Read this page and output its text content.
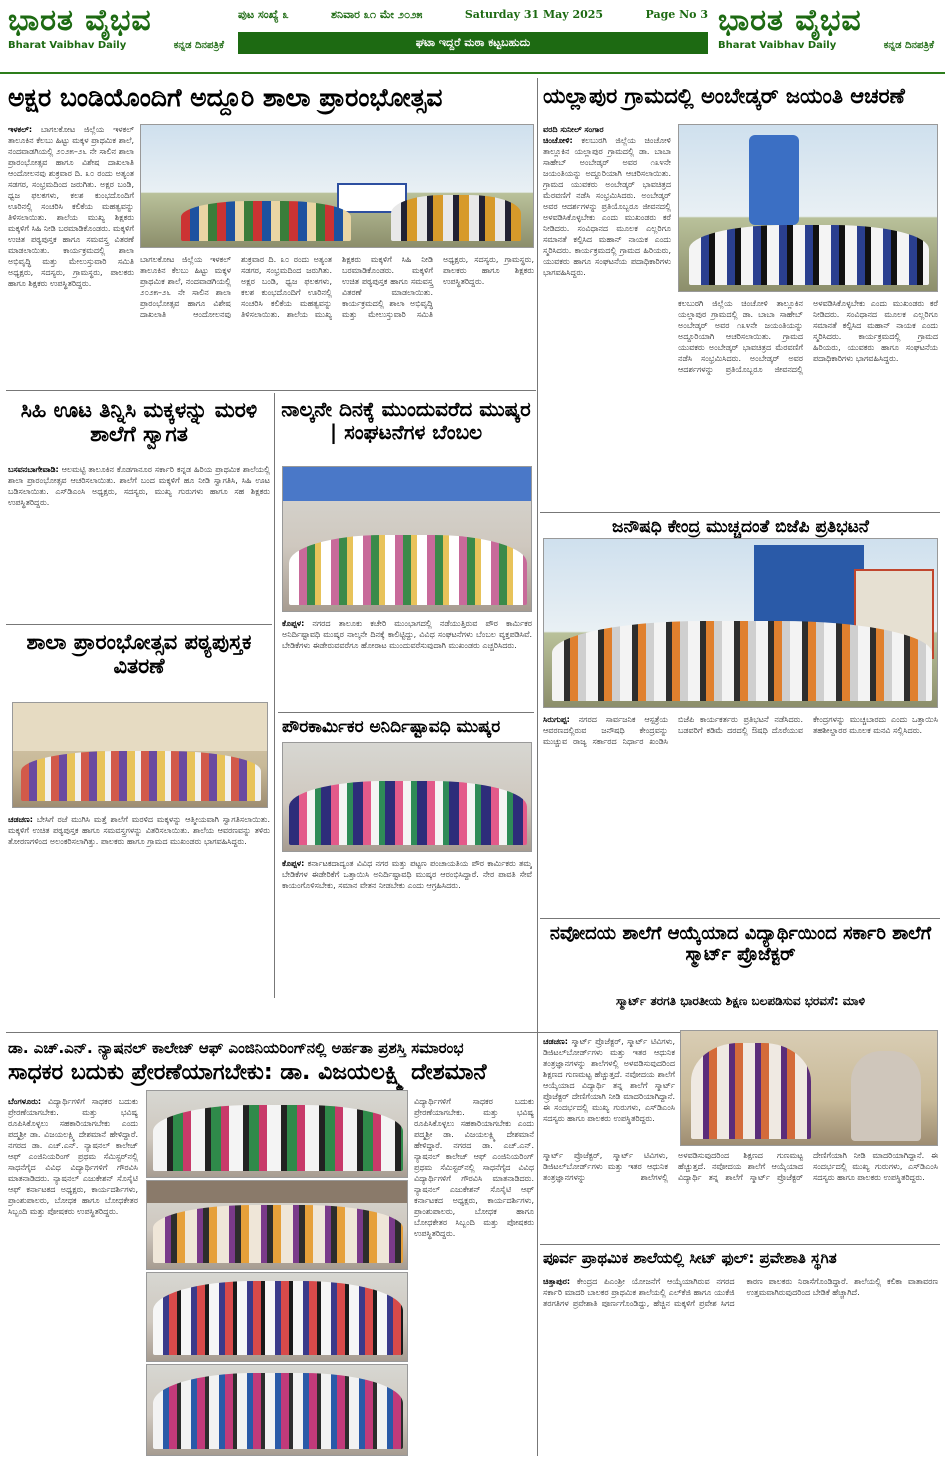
ಭಾರತ ವೈಭವ
Bharat Vaibhav Daily	ಕನ್ನಡ ದಿನಪತ್ರಿಕೆ
ಪುಟ ಸಂಖ್ಯೆ ೩	ಶನಿವಾರ ೩೧ ಮೇ ೨೦೨೫	Saturday 31 May 2025	Page No 3
ಘಟಾ ಇದ್ದರೆ ಮಠಾ ಕಟ್ಟಬಹುದು
ಭಾರತ ವೈಭವ
Bharat Vaibhav Daily	ಕನ್ನಡ ದಿನಪತ್ರಿಕೆ
ಅಕ್ಷರ ಬಂಡಿಯೊಂದಿಗೆ ಅದ್ದೂರಿ ಶಾಲಾ ಪ್ರಾರಂಭೋತ್ಸವ
ಇಳಕಲ್: ಬಾಗಲಕೋಟ ಜಿಲ್ಲೆಯ ಇಳಕಲ್ ತಾಲೂಕಿನ ಕೆಲಬು ಹಿಟ್ಟು ಮಕ್ಕಳ ಪ್ರಾಥಮಿಕ ಶಾಲೆ, ನಂದವಾಡಗಿಯಲ್ಲಿ ೨೦೨೫–೨೬ ನೇ ಸಾಲಿನ ಶಾಲಾ ಪ್ರಾರಂಭೋತ್ಸವ ಹಾಗೂ ವಿಶೇಷ ದಾಖಲಾತಿ ಆಂದೋಲನವು ಶುಕ್ರವಾರ ದಿ. ೩೦ ರಂದು ಅತ್ಯಂತ ಸಡಗರ, ಸಂಭ್ರಮದಿಂದ ಜರುಗಿತು. ಅಕ್ಷರ ಬಂಡಿ, ಧ್ವಜ ಫಲಕಗಳು, ಕಲಶ ಕುಂಭದೊಂದಿಗೆ ಊರಿನಲ್ಲಿ ಸಂಚರಿಸಿ ಕಲಿಕೆಯ ಮಹತ್ವವನ್ನು ತಿಳಿಸಲಾಯಿತು. ಶಾಲೆಯ ಮುಖ್ಯ ಶಿಕ್ಷಕರು ಮಕ್ಕಳಿಗೆ ಸಿಹಿ ನೀಡಿ ಬರಮಾಡಿಕೊಂಡರು. ಮಕ್ಕಳಿಗೆ ಉಚಿತ ಪಠ್ಯಪುಸ್ತಕ ಹಾಗೂ ಸಮವಸ್ತ್ರ ವಿತರಣೆ ಮಾಡಲಾಯಿತು. ಕಾರ್ಯಕ್ರಮದಲ್ಲಿ ಶಾಲಾ ಅಭಿವೃದ್ಧಿ ಮತ್ತು ಮೇಲುಸ್ತುವಾರಿ ಸಮಿತಿ ಅಧ್ಯಕ್ಷರು, ಸದಸ್ಯರು, ಗ್ರಾಮಸ್ಥರು, ಪಾಲಕರು ಹಾಗೂ ಶಿಕ್ಷಕರು ಉಪಸ್ಥಿತರಿದ್ದರು.
ಬಾಗಲಕೋಟ ಜಿಲ್ಲೆಯ ಇಳಕಲ್ ತಾಲೂಕಿನ ಕೆಲಬು ಹಿಟ್ಟು ಮಕ್ಕಳ ಪ್ರಾಥಮಿಕ ಶಾಲೆ, ನಂದವಾಡಗಿಯಲ್ಲಿ ೨೦೨೫–೨೬ ನೇ ಸಾಲಿನ ಶಾಲಾ ಪ್ರಾರಂಭೋತ್ಸವ ಹಾಗೂ ವಿಶೇಷ ದಾಖಲಾತಿ ಆಂದೋಲನವು ಶುಕ್ರವಾರ ದಿ. ೩೦ ರಂದು ಅತ್ಯಂತ ಸಡಗರ, ಸಂಭ್ರಮದಿಂದ ಜರುಗಿತು. ಅಕ್ಷರ ಬಂಡಿ, ಧ್ವಜ ಫಲಕಗಳು, ಕಲಶ ಕುಂಭದೊಂದಿಗೆ ಊರಿನಲ್ಲಿ ಸಂಚರಿಸಿ ಕಲಿಕೆಯ ಮಹತ್ವವನ್ನು ತಿಳಿಸಲಾಯಿತು. ಶಾಲೆಯ ಮುಖ್ಯ ಶಿಕ್ಷಕರು ಮಕ್ಕಳಿಗೆ ಸಿಹಿ ನೀಡಿ ಬರಮಾಡಿಕೊಂಡರು. ಮಕ್ಕಳಿಗೆ ಉಚಿತ ಪಠ್ಯಪುಸ್ತಕ ಹಾಗೂ ಸಮವಸ್ತ್ರ ವಿತರಣೆ ಮಾಡಲಾಯಿತು. ಕಾರ್ಯಕ್ರಮದಲ್ಲಿ ಶಾಲಾ ಅಭಿವೃದ್ಧಿ ಮತ್ತು ಮೇಲುಸ್ತುವಾರಿ ಸಮಿತಿ ಅಧ್ಯಕ್ಷರು, ಸದಸ್ಯರು, ಗ್ರಾಮಸ್ಥರು, ಪಾಲಕರು ಹಾಗೂ ಶಿಕ್ಷಕರು ಉಪಸ್ಥಿತರಿದ್ದರು.
ಯಲ್ಲಾಪುರ ಗ್ರಾಮದಲ್ಲಿ ಅಂಬೇಡ್ಕರ್ ಜಯಂತಿ ಆಚರಣೆ
ವರದಿ ಸುನೀಲ್ ಸಂಗಾರ
ಚಿಂಚೋಳಿ: ಕಲಬುರಗಿ ಜಿಲ್ಲೆಯ ಚಿಂಚೋಳಿ ತಾಲ್ಲೂಕಿನ ಯಲ್ಲಾಪುರ ಗ್ರಾಮದಲ್ಲಿ ಡಾ. ಬಾಬಾ ಸಾಹೇಬ್ ಅಂಬೇಡ್ಕರ್ ಅವರ ೧೩೪ನೇ ಜಯಂತಿಯನ್ನು ಅದ್ದೂರಿಯಾಗಿ ಆಚರಿಸಲಾಯಿತು. ಗ್ರಾಮದ ಯುವಕರು ಅಂಬೇಡ್ಕರ್ ಭಾವಚಿತ್ರದ ಮೆರವಣಿಗೆ ನಡೆಸಿ ಸಂಭ್ರಮಿಸಿದರು. ಅಂಬೇಡ್ಕರ್ ಅವರ ಆದರ್ಶಗಳನ್ನು ಪ್ರತಿಯೊಬ್ಬರೂ ಜೀವನದಲ್ಲಿ ಅಳವಡಿಸಿಕೊಳ್ಳಬೇಕು ಎಂದು ಮುಖಂಡರು ಕರೆ ನೀಡಿದರು. ಸಂವಿಧಾನದ ಮೂಲಕ ಎಲ್ಲರಿಗೂ ಸಮಾನತೆ ಕಲ್ಪಿಸಿದ ಮಹಾನ್ ನಾಯಕ ಎಂದು ಸ್ಮರಿಸಿದರು. ಕಾರ್ಯಕ್ರಮದಲ್ಲಿ ಗ್ರಾಮದ ಹಿರಿಯರು, ಯುವಕರು ಹಾಗೂ ಸಂಘಟನೆಯ ಪದಾಧಿಕಾರಿಗಳು ಭಾಗವಹಿಸಿದ್ದರು.
ಕಲಬುರಗಿ ಜಿಲ್ಲೆಯ ಚಿಂಚೋಳಿ ತಾಲ್ಲೂಕಿನ ಯಲ್ಲಾಪುರ ಗ್ರಾಮದಲ್ಲಿ ಡಾ. ಬಾಬಾ ಸಾಹೇಬ್ ಅಂಬೇಡ್ಕರ್ ಅವರ ೧೩೪ನೇ ಜಯಂತಿಯನ್ನು ಅದ್ದೂರಿಯಾಗಿ ಆಚರಿಸಲಾಯಿತು. ಗ್ರಾಮದ ಯುವಕರು ಅಂಬೇಡ್ಕರ್ ಭಾವಚಿತ್ರದ ಮೆರವಣಿಗೆ ನಡೆಸಿ ಸಂಭ್ರಮಿಸಿದರು. ಅಂಬೇಡ್ಕರ್ ಅವರ ಆದರ್ಶಗಳನ್ನು ಪ್ರತಿಯೊಬ್ಬರೂ ಜೀವನದಲ್ಲಿ ಅಳವಡಿಸಿಕೊಳ್ಳಬೇಕು ಎಂದು ಮುಖಂಡರು ಕರೆ ನೀಡಿದರು. ಸಂವಿಧಾನದ ಮೂಲಕ ಎಲ್ಲರಿಗೂ ಸಮಾನತೆ ಕಲ್ಪಿಸಿದ ಮಹಾನ್ ನಾಯಕ ಎಂದು ಸ್ಮರಿಸಿದರು. ಕಾರ್ಯಕ್ರಮದಲ್ಲಿ ಗ್ರಾಮದ ಹಿರಿಯರು, ಯುವಕರು ಹಾಗೂ ಸಂಘಟನೆಯ ಪದಾಧಿಕಾರಿಗಳು ಭಾಗವಹಿಸಿದ್ದರು.
ಸಿಹಿ ಊಟ ತಿನ್ನಿಸಿ ಮಕ್ಕಳನ್ನು ಮರಳಿ ಶಾಲೆಗೆ ಸ್ವಾಗತ
ಬಸವನಬಾಗೇವಾಡಿ: ಆಲಮಟ್ಟಿ ತಾಲೂಕಿನ ಕೊಡಗಾನೂರ ಸರ್ಕಾರಿ ಕನ್ನಡ ಹಿರಿಯ ಪ್ರಾಥಮಿಕ ಶಾಲೆಯಲ್ಲಿ ಶಾಲಾ ಪ್ರಾರಂಭೋತ್ಸವ ಆಚರಿಸಲಾಯಿತು. ಶಾಲೆಗೆ ಬಂದ ಮಕ್ಕಳಿಗೆ ಹೂ ನೀಡಿ ಸ್ವಾಗತಿಸಿ, ಸಿಹಿ ಊಟ ಬಡಿಸಲಾಯಿತು. ಎಸ್‌ಡಿಎಂಸಿ ಅಧ್ಯಕ್ಷರು, ಸದಸ್ಯರು, ಮುಖ್ಯ ಗುರುಗಳು ಹಾಗೂ ಸಹ ಶಿಕ್ಷಕರು ಉಪಸ್ಥಿತರಿದ್ದರು.
ಶಾಲಾ ಪ್ರಾರಂಭೋತ್ಸವ ಪಠ್ಯಪುಸ್ತಕ ವಿತರಣೆ
ಚಡಚಣ: ಬೇಸಿಗೆ ರಜೆ ಮುಗಿಸಿ ಮತ್ತೆ ಶಾಲೆಗೆ ಮರಳಿದ ಮಕ್ಕಳನ್ನು ಆತ್ಮೀಯವಾಗಿ ಸ್ವಾಗತಿಸಲಾಯಿತು. ಮಕ್ಕಳಿಗೆ ಉಚಿತ ಪಠ್ಯಪುಸ್ತಕ ಹಾಗೂ ಸಮವಸ್ತ್ರಗಳನ್ನು ವಿತರಿಸಲಾಯಿತು. ಶಾಲೆಯ ಆವರಣವನ್ನು ತಳಿರು ತೋರಣಗಳಿಂದ ಅಲಂಕರಿಸಲಾಗಿತ್ತು. ಪಾಲಕರು ಹಾಗೂ ಗ್ರಾಮದ ಮುಖಂಡರು ಭಾಗವಹಿಸಿದ್ದರು.
ನಾಲ್ಕನೇ ದಿನಕ್ಕೆ ಮುಂದುವರೆದ ಮುಷ್ಕರ | ಸಂಘಟನೆಗಳ ಬೆಂಬಲ
ಕೊಪ್ಪಳ: ನಗರದ ತಾಲೂಕು ಕಚೇರಿ ಮುಂಭಾಗದಲ್ಲಿ ನಡೆಯುತ್ತಿರುವ ಪೌರ ಕಾರ್ಮಿಕರ ಅನಿರ್ದಿಷ್ಟಾವಧಿ ಮುಷ್ಕರ ನಾಲ್ಕನೇ ದಿನಕ್ಕೆ ಕಾಲಿಟ್ಟಿದ್ದು, ವಿವಿಧ ಸಂಘಟನೆಗಳು ಬೆಂಬಲ ವ್ಯಕ್ತಪಡಿಸಿವೆ. ಬೇಡಿಕೆಗಳು ಈಡೇರುವವರೆಗೂ ಹೋರಾಟ ಮುಂದುವರೆಸುವುದಾಗಿ ಮುಖಂಡರು ಎಚ್ಚರಿಸಿದರು.
ಪೌರಕಾರ್ಮಿಕರ ಅನಿರ್ದಿಷ್ಟಾವಧಿ ಮುಷ್ಕರ
ಕೊಪ್ಪಳ: ಕರ್ನಾಟಕದಾದ್ಯಂತ ವಿವಿಧ ನಗರ ಮತ್ತು ಪಟ್ಟಣ ಪಂಚಾಯತಿಯ ಪೌರ ಕಾರ್ಮಿಕರು ತಮ್ಮ ಬೇಡಿಕೆಗಳ ಈಡೇರಿಕೆಗೆ ಒತ್ತಾಯಿಸಿ ಅನಿರ್ದಿಷ್ಟಾವಧಿ ಮುಷ್ಕರ ಆರಂಭಿಸಿದ್ದಾರೆ. ನೇರ ಪಾವತಿ ಸೇವೆ ಕಾಯಂಗೊಳಿಸಬೇಕು, ಸಮಾನ ವೇತನ ನೀಡಬೇಕು ಎಂದು ಆಗ್ರಹಿಸಿದರು.
ಜನೌಷಧಿ ಕೇಂದ್ರ ಮುಚ್ಚದಂತೆ ಬಿಜೆಪಿ ಪ್ರತಿಭಟನೆ
ಸಿರುಗುಪ್ಪ: ನಗರದ ಸಾರ್ವಜನಿಕ ಆಸ್ಪತ್ರೆಯ ಆವರಣದಲ್ಲಿರುವ ಜನೌಷಧಿ ಕೇಂದ್ರವನ್ನು ಮುಚ್ಚುವ ರಾಜ್ಯ ಸರ್ಕಾರದ ನಿರ್ಧಾರ ಖಂಡಿಸಿ ಬಿಜೆಪಿ ಕಾರ್ಯಕರ್ತರು ಪ್ರತಿಭಟನೆ ನಡೆಸಿದರು. ಬಡವರಿಗೆ ಕಡಿಮೆ ದರದಲ್ಲಿ ಔಷಧಿ ದೊರೆಯುವ ಕೇಂದ್ರಗಳನ್ನು ಮುಚ್ಚಬಾರದು ಎಂದು ಒತ್ತಾಯಿಸಿ ತಹಶೀಲ್ದಾರರ ಮೂಲಕ ಮನವಿ ಸಲ್ಲಿಸಿದರು.
ನವೋದಯ ಶಾಲೆಗೆ ಆಯ್ಕೆಯಾದ ವಿದ್ಯಾರ್ಥಿಯಿಂದ ಸರ್ಕಾರಿ ಶಾಲೆಗೆ ಸ್ಮಾರ್ಟ್ ಪ್ರೊಜೆಕ್ಟರ್
ಸ್ಮಾರ್ಟ್ ತರಗತಿ ಭಾರತೀಯ ಶಿಕ್ಷಣ ಬಲಪಡಿಸುವ ಭರವಸೆ: ಮಾಳಿ
ಚಡಚಣ: ಸ್ಮಾರ್ಟ್ ಪ್ರೊಜೆಕ್ಟರ್, ಸ್ಮಾರ್ಟ್ ಟಿವಿಗಳು, ಡಿಜಿಟಲ್‌ಬೋರ್ಡ್‌ಗಳು ಮತ್ತು ಇತರ ಆಧುನಿಕ ತಂತ್ರಜ್ಞಾನಗಳನ್ನು ಶಾಲೆಗಳಲ್ಲಿ ಅಳವಡಿಸುವುದರಿಂದ ಶಿಕ್ಷಣದ ಗುಣಮಟ್ಟ ಹೆಚ್ಚುತ್ತದೆ. ನವೋದಯ ಶಾಲೆಗೆ ಆಯ್ಕೆಯಾದ ವಿದ್ಯಾರ್ಥಿ ತನ್ನ ಶಾಲೆಗೆ ಸ್ಮಾರ್ಟ್ ಪ್ರೊಜೆಕ್ಟರ್ ದೇಣಿಗೆಯಾಗಿ ನೀಡಿ ಮಾದರಿಯಾಗಿದ್ದಾನೆ. ಈ ಸಂದರ್ಭದಲ್ಲಿ ಮುಖ್ಯ ಗುರುಗಳು, ಎಸ್‌ಡಿಎಂಸಿ ಸದಸ್ಯರು ಹಾಗೂ ಪಾಲಕರು ಉಪಸ್ಥಿತರಿದ್ದರು.
ಸ್ಮಾರ್ಟ್ ಪ್ರೊಜೆಕ್ಟರ್, ಸ್ಮಾರ್ಟ್ ಟಿವಿಗಳು, ಡಿಜಿಟಲ್‌ಬೋರ್ಡ್‌ಗಳು ಮತ್ತು ಇತರ ಆಧುನಿಕ ತಂತ್ರಜ್ಞಾನಗಳನ್ನು ಶಾಲೆಗಳಲ್ಲಿ ಅಳವಡಿಸುವುದರಿಂದ ಶಿಕ್ಷಣದ ಗುಣಮಟ್ಟ ಹೆಚ್ಚುತ್ತದೆ. ನವೋದಯ ಶಾಲೆಗೆ ಆಯ್ಕೆಯಾದ ವಿದ್ಯಾರ್ಥಿ ತನ್ನ ಶಾಲೆಗೆ ಸ್ಮಾರ್ಟ್ ಪ್ರೊಜೆಕ್ಟರ್ ದೇಣಿಗೆಯಾಗಿ ನೀಡಿ ಮಾದರಿಯಾಗಿದ್ದಾನೆ. ಈ ಸಂದರ್ಭದಲ್ಲಿ ಮುಖ್ಯ ಗುರುಗಳು, ಎಸ್‌ಡಿಎಂಸಿ ಸದಸ್ಯರು ಹಾಗೂ ಪಾಲಕರು ಉಪಸ್ಥಿತರಿದ್ದರು.
ಡಾ. ಎಚ್.ಎನ್. ನ್ಯಾಷನಲ್ ಕಾಲೇಜ್ ಆಫ್ ಎಂಜಿನಿಯರಿಂಗ್‌ನಲ್ಲಿ ಅರ್ಹತಾ ಪ್ರಶಸ್ತಿ ಸಮಾರಂಭ
ಸಾಧಕರ ಬದುಕು ಪ್ರೇರಣೆಯಾಗಬೇಕು: ಡಾ. ವಿಜಯಲಕ್ಷ್ಮಿ ದೇಶಮಾನೆ
ಬೆಂಗಳೂರು: ವಿದ್ಯಾರ್ಥಿಗಳಿಗೆ ಸಾಧಕರ ಬದುಕು ಪ್ರೇರಣೆಯಾಗಬೇಕು. ಮತ್ತು ಭವಿಷ್ಯ ರೂಪಿಸಿಕೊಳ್ಳಲು ಸಹಕಾರಿಯಾಗಬೇಕು ಎಂದು ಪದ್ಮಶ್ರೀ ಡಾ. ವಿಜಯಲಕ್ಷ್ಮಿ ದೇಶಮಾನೆ ಹೇಳಿದ್ದಾರೆ. ನಗರದ ಡಾ. ಎಚ್.ಎನ್. ನ್ಯಾಷನಲ್ ಕಾಲೇಜ್ ಆಫ್ ಎಂಜಿನಿಯರಿಂಗ್ ಪ್ರಥಮ ಸೆಮಿಸ್ಟರ್‌ನಲ್ಲಿ ಸಾಧನೆಗೈದ ವಿವಿಧ ವಿದ್ಯಾರ್ಥಿಗಳಿಗೆ ಗೌರವಿಸಿ ಮಾತನಾಡಿದರು. ನ್ಯಾಷನಲ್ ಎಜುಕೇಶನ್ ಸೊಸೈಟಿ ಆಫ್ ಕರ್ನಾಟಕದ ಅಧ್ಯಕ್ಷರು, ಕಾರ್ಯದರ್ಶಿಗಳು, ಪ್ರಾಂಶುಪಾಲರು, ಬೋಧಕ ಹಾಗೂ ಬೋಧಕೇತರ ಸಿಬ್ಬಂದಿ ಮತ್ತು ಪೋಷಕರು ಉಪಸ್ಥಿತರಿದ್ದರು.
ವಿದ್ಯಾರ್ಥಿಗಳಿಗೆ ಸಾಧಕರ ಬದುಕು ಪ್ರೇರಣೆಯಾಗಬೇಕು. ಮತ್ತು ಭವಿಷ್ಯ ರೂಪಿಸಿಕೊಳ್ಳಲು ಸಹಕಾರಿಯಾಗಬೇಕು ಎಂದು ಪದ್ಮಶ್ರೀ ಡಾ. ವಿಜಯಲಕ್ಷ್ಮಿ ದೇಶಮಾನೆ ಹೇಳಿದ್ದಾರೆ. ನಗರದ ಡಾ. ಎಚ್.ಎನ್. ನ್ಯಾಷನಲ್ ಕಾಲೇಜ್ ಆಫ್ ಎಂಜಿನಿಯರಿಂಗ್ ಪ್ರಥಮ ಸೆಮಿಸ್ಟರ್‌ನಲ್ಲಿ ಸಾಧನೆಗೈದ ವಿವಿಧ ವಿದ್ಯಾರ್ಥಿಗಳಿಗೆ ಗೌರವಿಸಿ ಮಾತನಾಡಿದರು. ನ್ಯಾಷನಲ್ ಎಜುಕೇಶನ್ ಸೊಸೈಟಿ ಆಫ್ ಕರ್ನಾಟಕದ ಅಧ್ಯಕ್ಷರು, ಕಾರ್ಯದರ್ಶಿಗಳು, ಪ್ರಾಂಶುಪಾಲರು, ಬೋಧಕ ಹಾಗೂ ಬೋಧಕೇತರ ಸಿಬ್ಬಂದಿ ಮತ್ತು ಪೋಷಕರು ಉಪಸ್ಥಿತರಿದ್ದರು.
ಪೂರ್ವ ಪ್ರಾಥಮಿಕ ಶಾಲೆಯಲ್ಲಿ ಸೀಟ್ ಫುಲ್: ಪ್ರವೇಶಾತಿ ಸ್ಥಗಿತ
ಚಿತ್ತಾಪುರ: ಕೇಂದ್ರದ ಪಿಎಂಶ್ರೀ ಯೋಜನೆಗೆ ಆಯ್ಕೆಯಾಗಿರುವ ನಗರದ ಸರ್ಕಾರಿ ಮಾದರಿ ಬಾಲಕರ ಪ್ರಾಥಮಿಕ ಶಾಲೆಯಲ್ಲಿ ಎಲ್‌ಕೆಜಿ ಹಾಗೂ ಯುಕೆಜಿ ತರಗತಿಗಳ ಪ್ರವೇಶಾತಿ ಪೂರ್ಣಗೊಂಡಿದ್ದು, ಹೆಚ್ಚಿನ ಮಕ್ಕಳಿಗೆ ಪ್ರವೇಶ ಸಿಗದ ಕಾರಣ ಪಾಲಕರು ನಿರಾಸೆಗೊಂಡಿದ್ದಾರೆ. ಶಾಲೆಯಲ್ಲಿ ಕಲಿಕಾ ವಾತಾವರಣ ಉತ್ತಮವಾಗಿರುವುದರಿಂದ ಬೇಡಿಕೆ ಹೆಚ್ಚಾಗಿದೆ.
